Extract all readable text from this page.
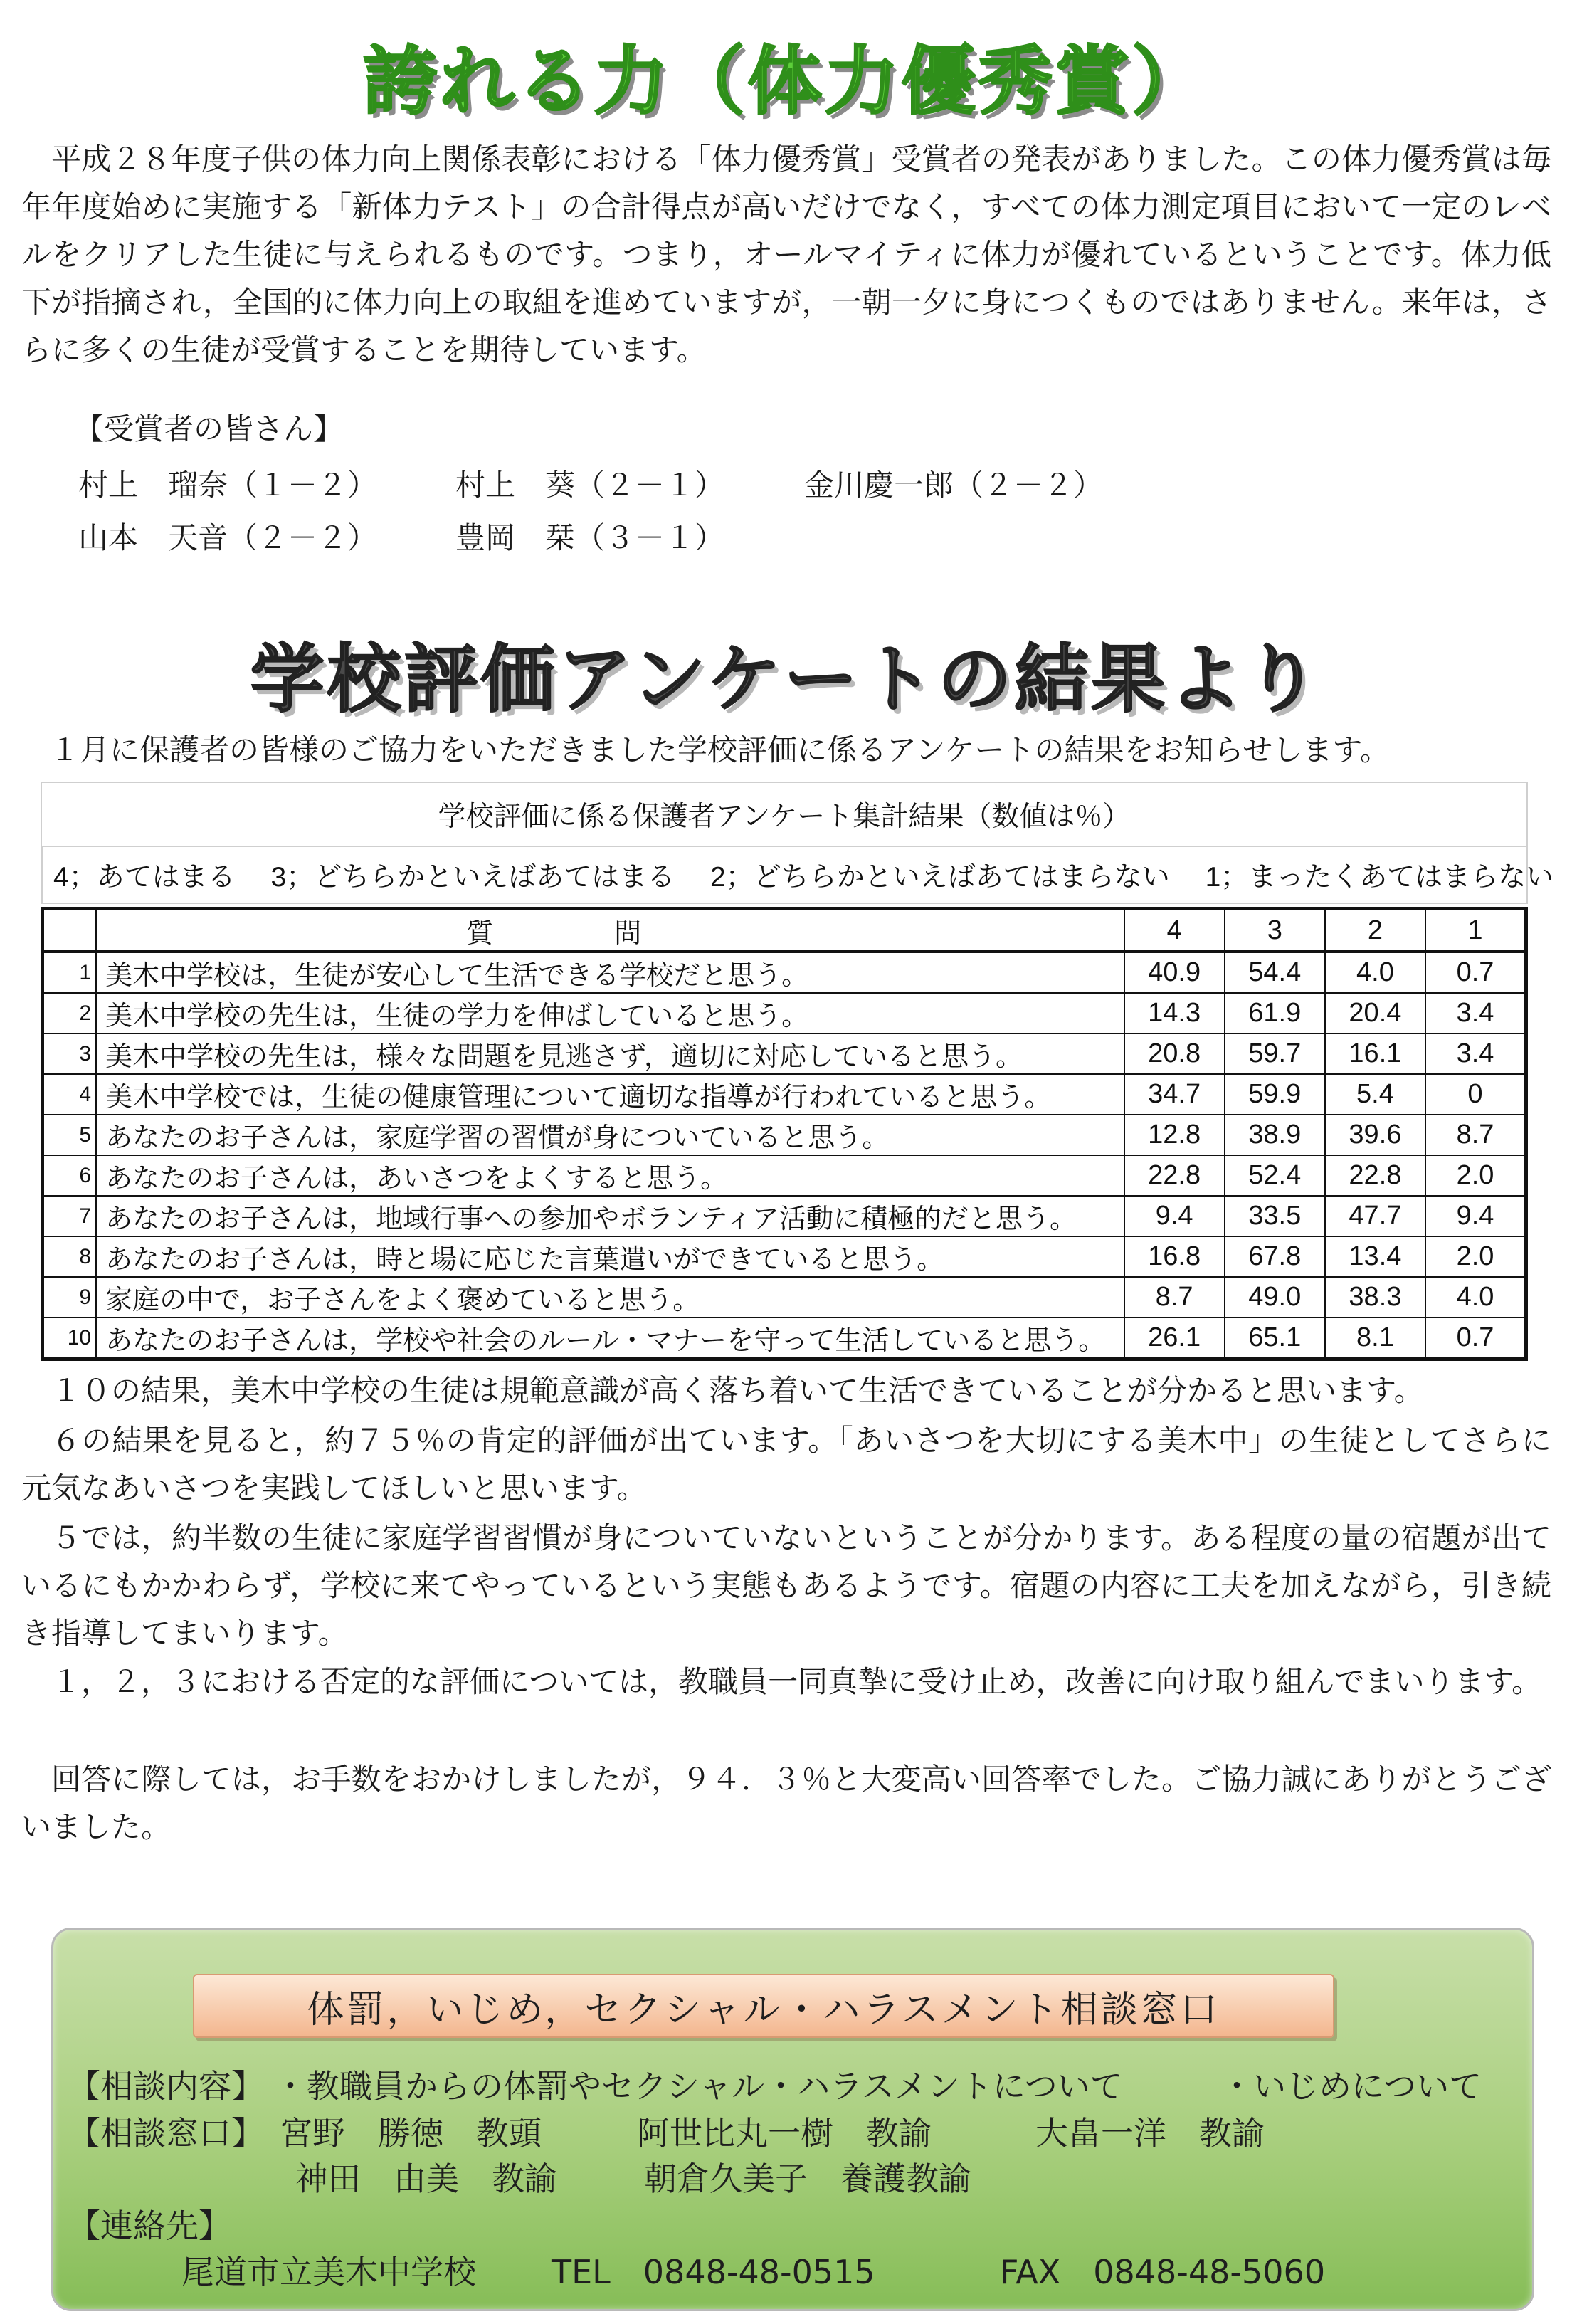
誇れる力（体力優秀賞）

平成２８年度子供の体力向上関係表彰における「体力優秀賞」受賞者の発表がありました。この体力優秀賞は毎年年度始めに実施する「新体力テスト」の合計得点が高いだけでなく，すべての体力測定項目において一定のレベルをクリアした生徒に与えられるものです。つまり，オールマイティに体力が優れているということです。体力低下が指摘され，全国的に体力向上の取組を進めていますが，一朝一夕に身につくものではありません。来年は，さらに多くの生徒が受賞することを期待しています。

【受賞者の皆さん】
村上　瑠奈（１－２）	村上　葵（２－１）	金川慶一郎（２－２）
山本　天音（２－２）	豊岡　栞（３－１）
学校評価アンケートの結果より

１月に保護者の皆様のご協力をいただきました学校評価に係るアンケートの結果をお知らせします。

学校評価に係る保護者アンケート集計結果（数値は％）
4；あてはまる　 3；どちらかといえばあてはまる　 2；どちらかといえばあてはまらない　 1；まったくあてはまらない
	質問	4	3	2	1
1	美木中学校は，生徒が安心して生活できる学校だと思う。	40.9	54.4	4.0	0.7
2	美木中学校の先生は，生徒の学力を伸ばしていると思う。	14.3	61.9	20.4	3.4
3	美木中学校の先生は，様々な問題を見逃さず，適切に対応していると思う。	20.8	59.7	16.1	3.4
4	美木中学校では，生徒の健康管理について適切な指導が行われていると思う。	34.7	59.9	5.4	0
5	あなたのお子さんは，家庭学習の習慣が身についていると思う。	12.8	38.9	39.6	8.7
6	あなたのお子さんは，あいさつをよくすると思う。	22.8	52.4	22.8	2.0
7	あなたのお子さんは，地域行事への参加やボランティア活動に積極的だと思う。	9.4	33.5	47.7	9.4
8	あなたのお子さんは，時と場に応じた言葉遣いができていると思う。	16.8	67.8	13.4	2.0
9	家庭の中で，お子さんをよく褒めていると思う。	8.7	49.0	38.3	4.0
10	あなたのお子さんは，学校や社会のルール・マナーを守って生活していると思う。	26.1	65.1	8.1	0.7

１０の結果，美木中学校の生徒は規範意識が高く落ち着いて生活できていることが分かると思います。

６の結果を見ると，約７５％の肯定的評価が出ています。「あいさつを大切にする美木中」の生徒としてさらに元気なあいさつを実践してほしいと思います。

５では，約半数の生徒に家庭学習習慣が身についていないということが分かります。ある程度の量の宿題が出ているにもかかわらず，学校に来てやっているという実態もあるようです。宿題の内容に工夫を加えながら，引き続き指導してまいります。

１，２，３における否定的な評価については，教職員一同真摯に受け止め，改善に向け取り組んでまいります。

回答に際しては，お手数をおかけしましたが，９４．３％と大変高い回答率でした。ご協力誠にありがとうございました。

体罰，いじめ，セクシャル・ハラスメント相談窓口
【相談内容】 ・教職員からの体罰やセクシャル・ハラスメントについて	・いじめについて
【相談窓口】 宮野　勝徳　教頭	阿世比丸一樹　教諭	大畠一洋　教諭
神田　由美　教諭	朝倉久美子　養護教諭
【連絡先】
尾道市立美木中学校 TEL　0848-48-0515	FAX　0848-48-5060
